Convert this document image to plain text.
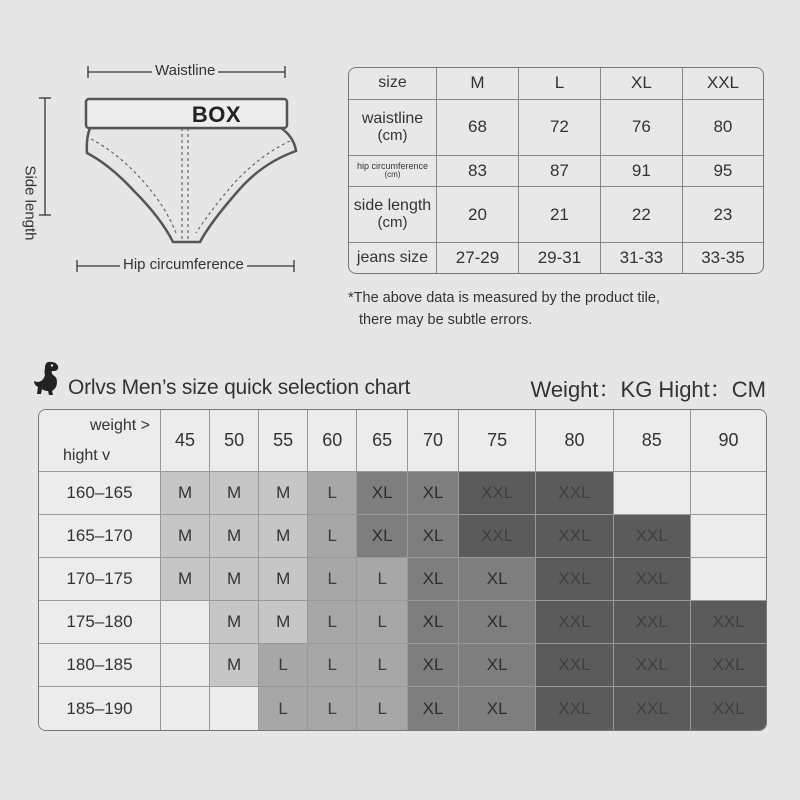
Waistline
Side length
Hip circumference
BOX
size	M	L	XL	XXL
waistline
(cm)	68	72	76	80
hip circumference
(cm)	83	87	91	95
side length
(cm)	20	21	22	23
jeans size	27-29	29-31	31-33	33-35
*The above data is measured by the product tile,
there may be subtle errors.
Orlvs Men’s size quick selection chart	Weight：KG Hight：CM
weight >
hight v	45	50	55	60	65	70	75	80	85	90
160–165	M	M	M	L	XL	XL	XXL	XXL		
165–170	M	M	M	L	XL	XL	XXL	XXL	XXL	
170–175	M	M	M	L	L	XL	XL	XXL	XXL	
175–180		M	M	L	L	XL	XL	XXL	XXL	XXL
180–185		M	L	L	L	XL	XL	XXL	XXL	XXL
185–190			L	L	L	XL	XL	XXL	XXL	XXL
